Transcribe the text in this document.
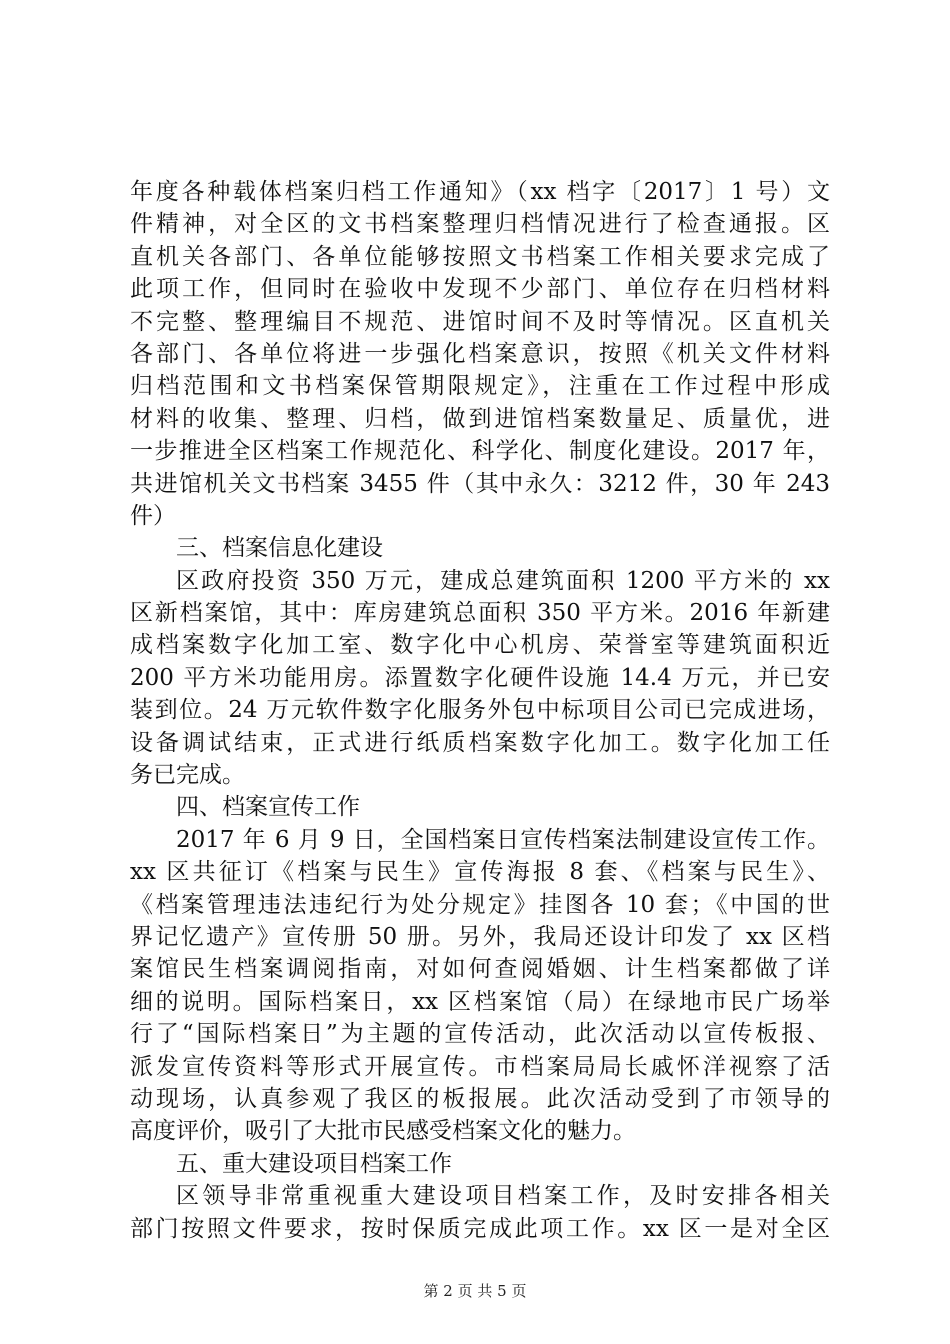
年度各种载体档案归档工作通知》（xx 档字〔2017〕1 号）文
件精神，对全区的文书档案整理归档情况进行了检查通报。区
直机关各部门、各单位能够按照文书档案工作相关要求完成了
此项工作，但同时在验收中发现不少部门、单位存在归档材料
不完整、整理编目不规范、进馆时间不及时等情况。区直机关
各部门、各单位将进一步强化档案意识，按照《机关文件材料
归档范围和文书档案保管期限规定》，注重在工作过程中形成
材料的收集、整理、归档，做到进馆档案数量足、质量优，进
一步推进全区档案工作规范化、科学化、制度化建设。2017 年，
共进馆机关文书档案 3455 件（其中永久：3212 件，30 年 243
件）
三、档案信息化建设
区政府投资 350 万元，建成总建筑面积 1200 平方米的 xx
区新档案馆，其中：库房建筑总面积 350 平方米。2016 年新建
成档案数字化加工室、数字化中心机房、荣誉室等建筑面积近
200 平方米功能用房。添置数字化硬件设施 14.4 万元，并已安
装到位。24 万元软件数字化服务外包中标项目公司已完成进场，
设备调试结束，正式进行纸质档案数字化加工。数字化加工任
务已完成。
四、档案宣传工作
2017 年 6 月 9 日，全国档案日宣传档案法制建设宣传工作。
xx 区共征订《档案与民生》宣传海报 8 套、《档案与民生》、
《档案管理违法违纪行为处分规定》挂图各 10 套；《中国的世
界记忆遗产》宣传册 50 册。另外，我局还设计印发了 xx 区档
案馆民生档案调阅指南，对如何查阅婚姻、计生档案都做了详
细的说明。国际档案日，xx 区档案馆（局）在绿地市民广场举
行了“国际档案日”为主题的宣传活动，此次活动以宣传板报、
派发宣传资料等形式开展宣传。市档案局局长戚怀洋视察了活
动现场，认真参观了我区的板报展。此次活动受到了市领导的
高度评价，吸引了大批市民感受档案文化的魅力。
五、重大建设项目档案工作
区领导非常重视重大建设项目档案工作，及时安排各相关
部门按照文件要求，按时保质完成此项工作。xx 区一是对全区
第 2 页 共 5 页
